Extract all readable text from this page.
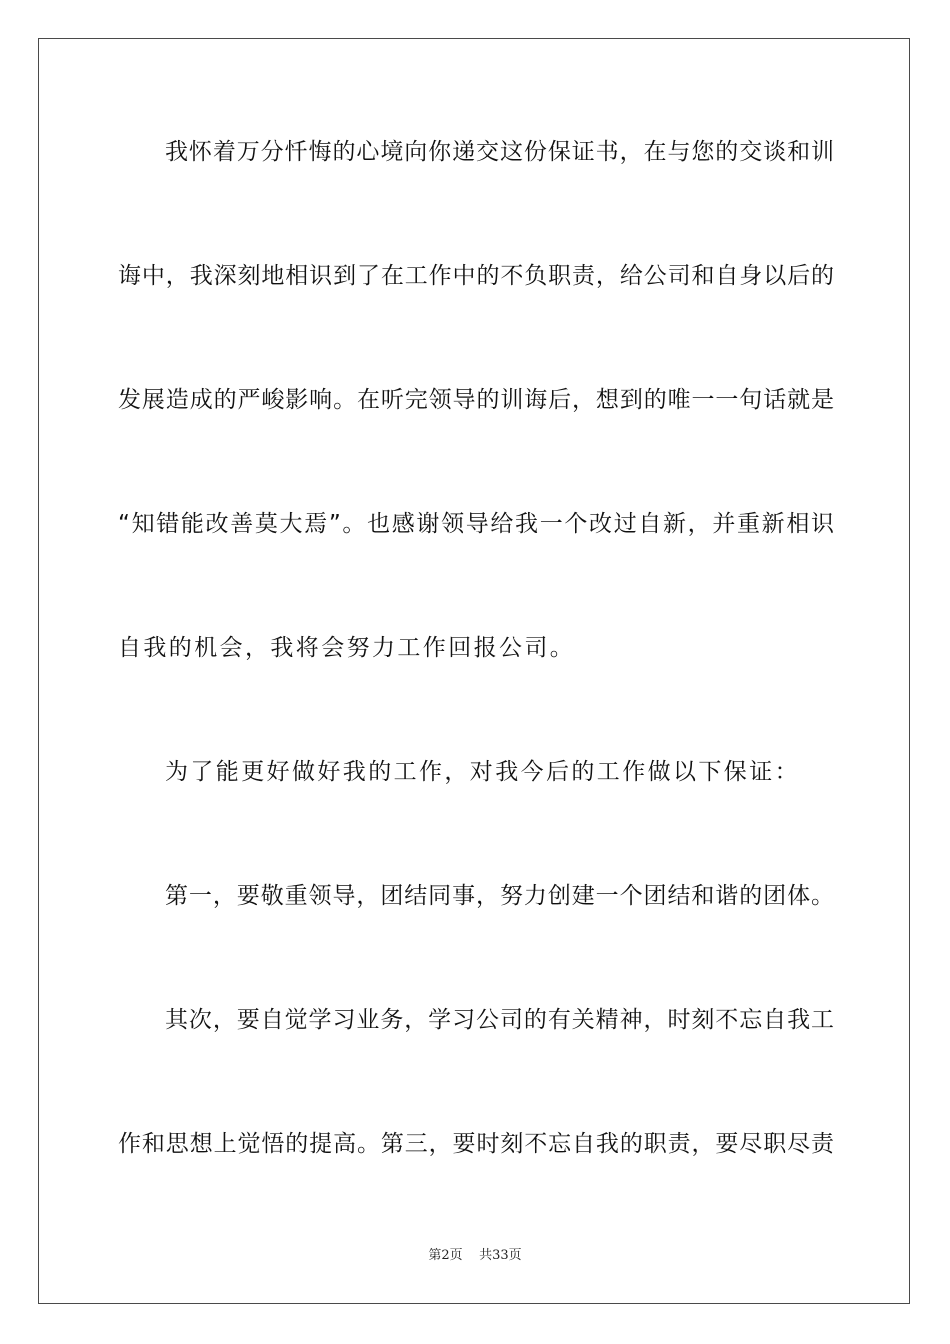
我怀着万分忏悔的心境向你递交这份保证书，在与您的交谈和训
诲中，我深刻地相识到了在工作中的不负职责，给公司和自身以后的
发展造成的严峻影响。在听完领导的训诲后，想到的唯一一句话就是
“知错能改善莫大焉”。也感谢领导给我一个改过自新，并重新相识
自我的机会，我将会努力工作回报公司。
为了能更好做好我的工作，对我今后的工作做以下保证：
第一，要敬重领导，团结同事，努力创建一个团结和谐的团体。
其次，要自觉学习业务，学习公司的有关精神，时刻不忘自我工
作和思想上觉悟的提高。第三，要时刻不忘自我的职责，要尽职尽责
第2页 共33页
